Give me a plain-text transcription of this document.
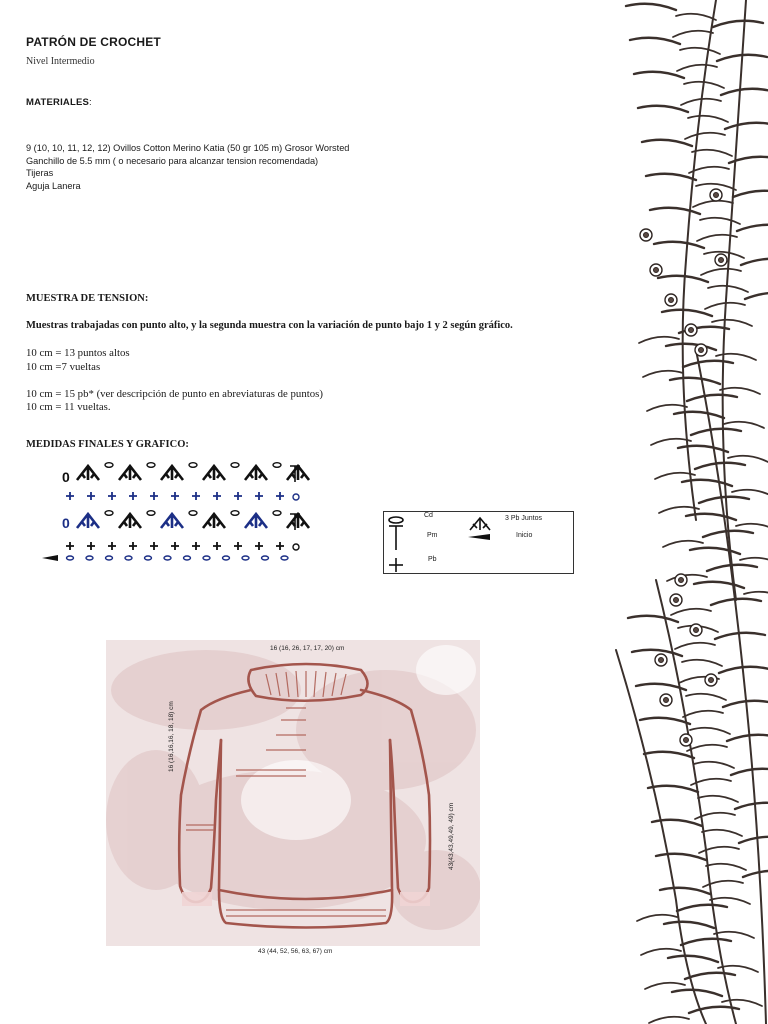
PATRÓN DE CROCHET
Nivel Intermedio
MATERIALES:
9 (10, 10, 11, 12, 12) Ovillos Cotton Merino Katia (50 gr 105 m) Grosor Worsted
Ganchillo de 5.5 mm ( o necesario para alcanzar tension recomendada)
Tijeras
Aguja Lanera
MUESTRA DE TENSION:
Muestras trabajadas con punto alto, y la segunda muestra con la variación de punto bajo 1 y 2 según gráfico.
10 cm = 13 puntos altos
10 cm =7 vueltas
10 cm = 15 pb* (ver descripción de punto en abreviaturas de puntos)
10 cm = 11 vueltas.
MEDIDAS FINALES Y GRAFICO:
0
0	Cd
Pm
Pb
3 Pb Juntos
Inicio
16 (16, 26, 17, 17, 20) cm
16 (16,16,16, 18, 18) cm
43(43,43,49,49, 49) cm
43 (44, 52, 56, 63, 67) cm
